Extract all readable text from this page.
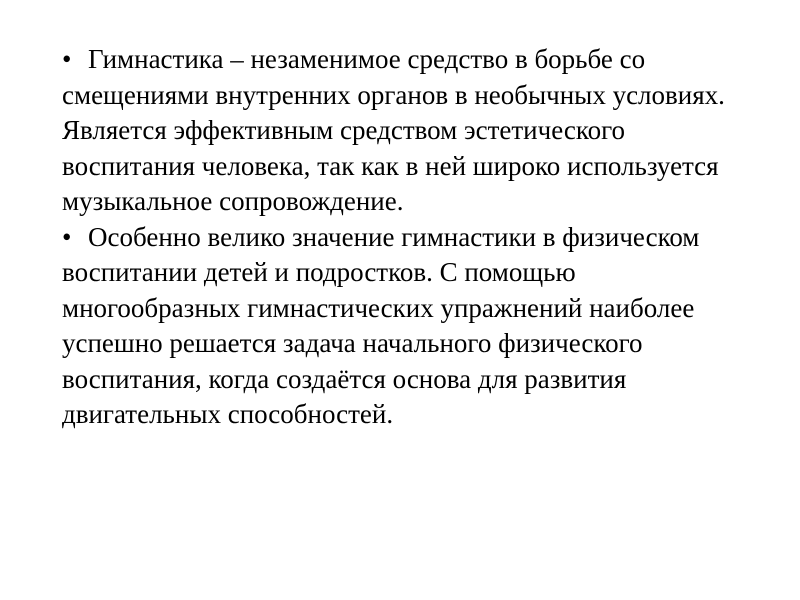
• Гимнастика – незаменимое средство в борьбе со смещениями внутренних органов в необычных условиях. Является эффективным средством эстетического воспитания человека, так как в ней широко используется музыкальное сопровождение.

• Особенно велико значение гимнастики в физическом воспитании детей и подростков. С помощью многообразных гимнастических упражнений наиболее успешно решается задача начального физического воспитания, когда создаётся основа для развития двигательных способностей.
